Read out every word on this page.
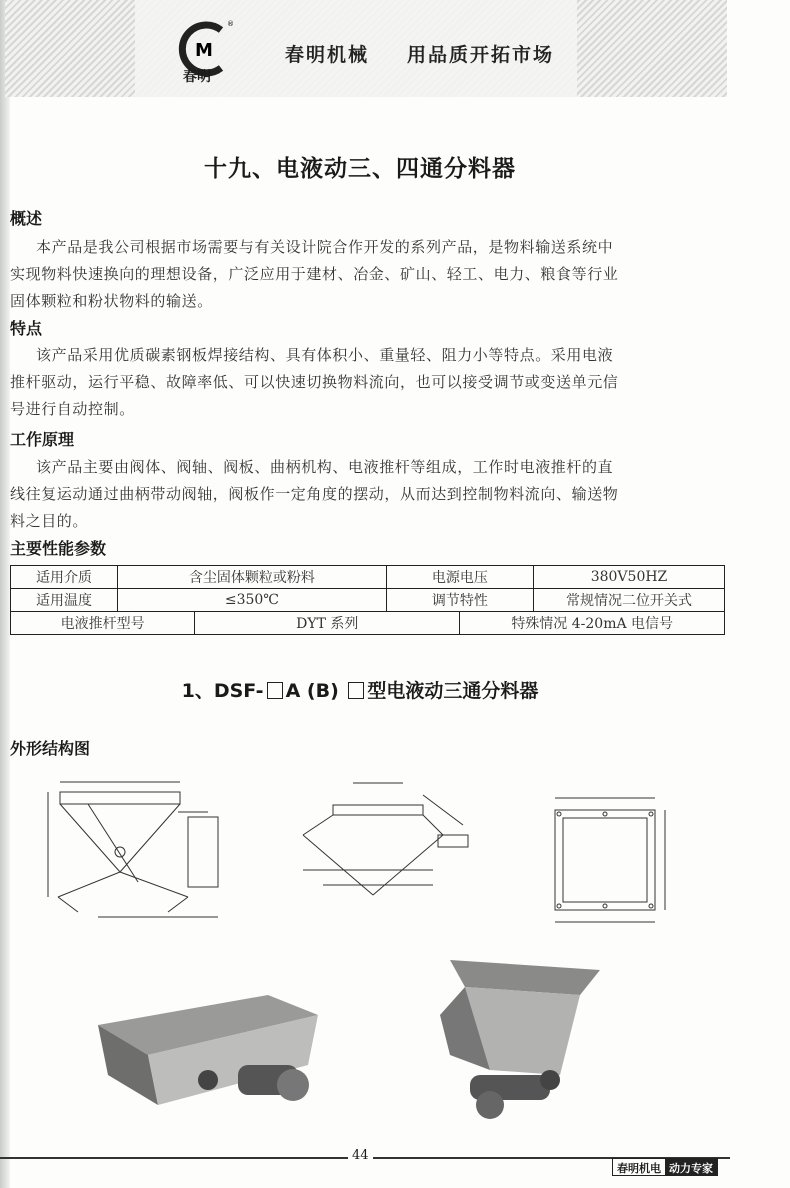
M
®
春明
春明机械 用品质开拓市场
十九、电液动三、四通分料器
概述
本产品是我公司根据市场需要与有关设计院合作开发的系列产品，是物料输送系统中
实现物料快速换向的理想设备，广泛应用于建材、冶金、矿山、轻工、电力、粮食等行业
固体颗粒和粉状物料的输送。
特点
该产品采用优质碳素钢板焊接结构、具有体积小、重量轻、阻力小等特点。采用电液
推杆驱动，运行平稳、故障率低、可以快速切换物料流向，也可以接受调节或变送单元信
号进行自动控制。
工作原理
该产品主要由阀体、阀轴、阀板、曲柄机构、电液推杆等组成，工作时电液推杆的直
线往复运动通过曲柄带动阀轴，阀板作一定角度的摆动，从而达到控制物料流向、输送物
料之目的。
主要性能参数
适用介质	含尘固体颗粒或粉料		电源电压		380V50HZ
适用温度	≤350℃		调节特性		常规情况二位开关式
电液推杆型号		DYT 系列		特殊情况 4-20mA 电信号	
1、DSF- A (B) 型电液动三通分料器
外形结构图
44
春明机电 动力专家
